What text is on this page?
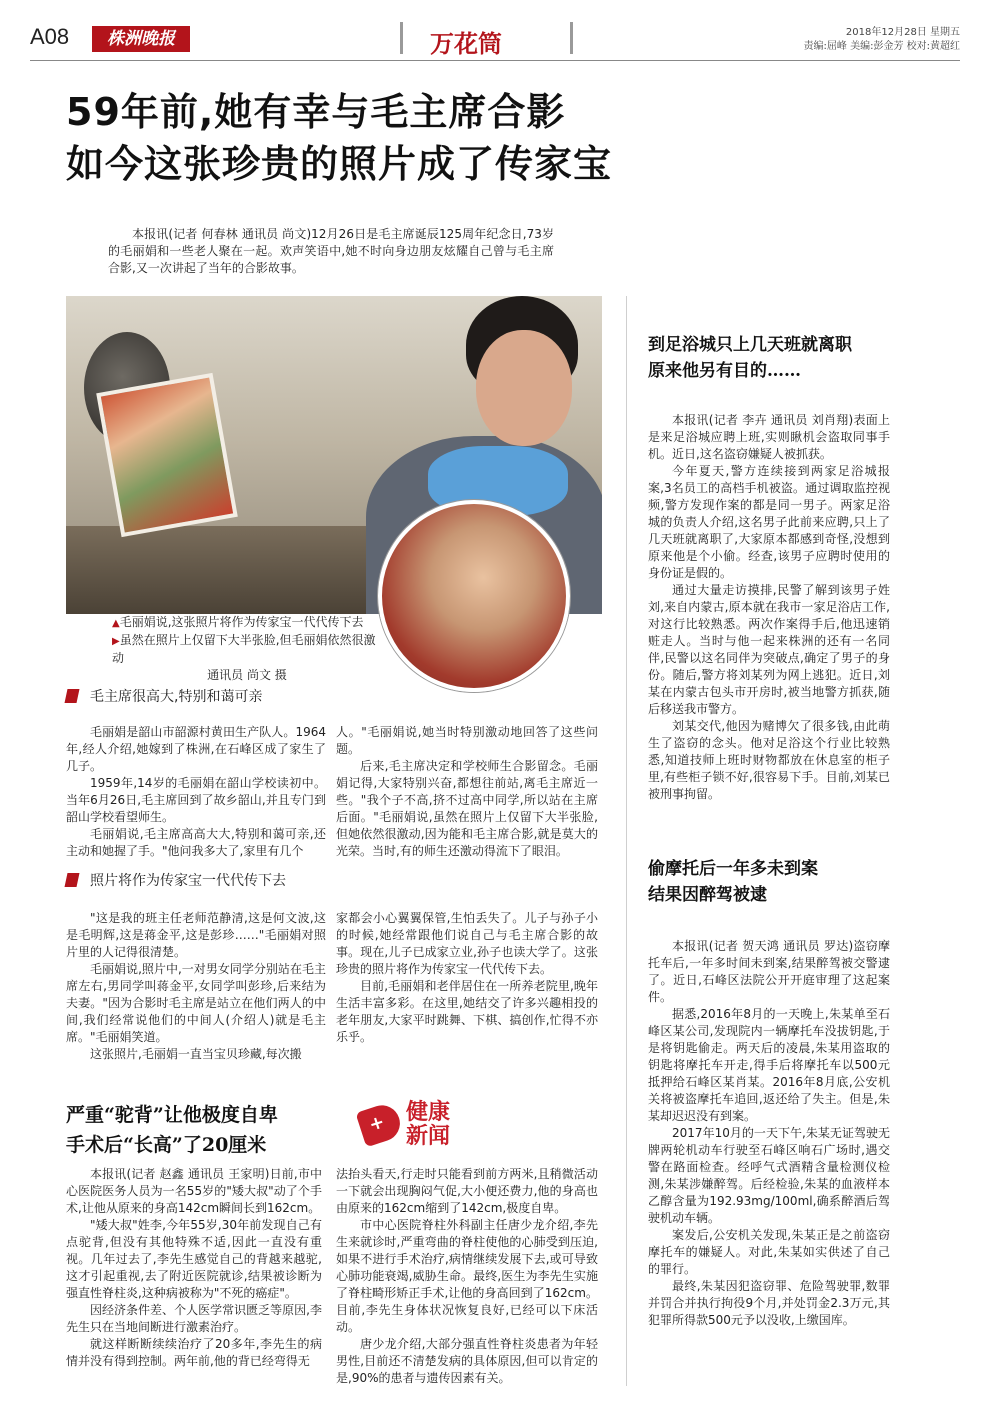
A08	株洲晚报	万花筒	2018年12月28日 星期五
责编:屈峰 美编:彭金芳 校对:黄超红
59年前,她有幸与毛主席合影
如今这张珍贵的照片成了传家宝

本报讯(记者 何春林 通讯员 尚文)12月26日是毛主席诞辰125周年纪念日,73岁的毛丽娟和一些老人聚在一起。欢声笑语中,她不时向身边朋友炫耀自己曾与毛主席合影,又一次讲起了当年的合影故事。

▲毛丽娟说,这张照片将作为传家宝一代代传下去
▶虽然在照片上仅留下大半张脸,但毛丽娟依然很激动
通讯员 尚文 摄
毛主席很高大,特别和蔼可亲

毛丽娟是韶山市韶源村黄田生产队人。1964年,经人介绍,她嫁到了株洲,在石峰区成了家生了几子。

1959年,14岁的毛丽娟在韶山学校读初中。当年6月26日,毛主席回到了故乡韶山,并且专门到韶山学校看望师生。

毛丽娟说,毛主席高高大大,特别和蔼可亲,还主动和她握了手。"他问我多大了,家里有几个

人。"毛丽娟说,她当时特别激动地回答了这些问题。

后来,毛主席决定和学校师生合影留念。毛丽娟记得,大家特别兴奋,都想往前站,离毛主席近一些。"我个子不高,挤不过高中同学,所以站在主席后面。"毛丽娟说,虽然在照片上仅留下大半张脸,但她依然很激动,因为能和毛主席合影,就是莫大的光荣。当时,有的师生还激动得流下了眼泪。

照片将作为传家宝一代代传下去

"这是我的班主任老师范静清,这是何文波,这是毛明辉,这是蒋金平,这是彭珍……"毛丽娟对照片里的人记得很清楚。

毛丽娟说,照片中,一对男女同学分别站在毛主席左右,男同学叫蒋金平,女同学叫彭珍,后来结为夫妻。"因为合影时毛主席是站立在他们两人的中间,我们经常说他们的中间人(介绍人)就是毛主席。"毛丽娟笑道。

这张照片,毛丽娟一直当宝贝珍藏,每次搬

家都会小心翼翼保管,生怕丢失了。儿子与孙子小的时候,她经常跟他们说自己与毛主席合影的故事。现在,儿子已成家立业,孙子也读大学了。这张珍贵的照片将作为传家宝一代代传下去。

目前,毛丽娟和老伴居住在一所养老院里,晚年生活丰富多彩。在这里,她结交了许多兴趣相投的老年朋友,大家平时跳舞、下棋、搞创作,忙得不亦乐乎。

到足浴城只上几天班就离职
原来他另有目的……

本报讯(记者 李卉 通讯员 刘肖翔)表面上是来足浴城应聘上班,实则瞅机会盗取同事手机。近日,这名盗窃嫌疑人被抓获。

今年夏天,警方连续接到两家足浴城报案,3名员工的高档手机被盗。通过调取监控视频,警方发现作案的都是同一男子。两家足浴城的负责人介绍,这名男子此前来应聘,只上了几天班就离职了,大家原本都感到奇怪,没想到原来他是个小偷。经查,该男子应聘时使用的身份证是假的。

通过大量走访摸排,民警了解到该男子姓刘,来自内蒙古,原本就在我市一家足浴店工作,对这行比较熟悉。两次作案得手后,他迅速销赃走人。当时与他一起来株洲的还有一名同伴,民警以这名同伴为突破点,确定了男子的身份。随后,警方将刘某列为网上逃犯。近日,刘某在内蒙古包头市开房时,被当地警方抓获,随后移送我市警方。

刘某交代,他因为赌博欠了很多钱,由此萌生了盗窃的念头。他对足浴这个行业比较熟悉,知道技师上班时财物都放在休息室的柜子里,有些柜子锁不好,很容易下手。目前,刘某已被刑事拘留。

偷摩托后一年多未到案
结果因醉驾被逮

本报讯(记者 贺天鸿 通讯员 罗达)盗窃摩托车后,一年多时间未到案,结果醉驾被交警逮了。近日,石峰区法院公开开庭审理了这起案件。

据悉,2016年8月的一天晚上,朱某单至石峰区某公司,发现院内一辆摩托车没拔钥匙,于是将钥匙偷走。两天后的凌晨,朱某用盗取的钥匙将摩托车开走,得手后将摩托车以500元抵押给石峰区某肖某。2016年8月底,公安机关将被盗摩托车追回,返还给了失主。但是,朱某却迟迟没有到案。

2017年10月的一天下午,朱某无证驾驶无牌两轮机动车行驶至石峰区响石广场时,遇交警在路面检查。经呼气式酒精含量检测仪检测,朱某涉嫌醉驾。后经检验,朱某的血液样本乙醇含量为192.93mg/100ml,确系醉酒后驾驶机动车辆。

案发后,公安机关发现,朱某正是之前盗窃摩托车的嫌疑人。对此,朱某如实供述了自己的罪行。

最终,朱某因犯盗窃罪、危险驾驶罪,数罪并罚合并执行拘役9个月,并处罚金2.3万元,其犯罪所得款500元予以没收,上缴国库。

严重“驼背”让他极度自卑
手术后“长高”了20厘米
+ 健康
新闻

本报讯(记者 赵鑫 通讯员 王家明)日前,市中心医院医务人员为一名55岁的"矮大叔"动了个手术,让他从原来的身高142cm瞬间长到162cm。

"矮大叔"姓李,今年55岁,30年前发现自己有点驼背,但没有其他特殊不适,因此一直没有重视。几年过去了,李先生感觉自己的背越来越驼,这才引起重视,去了附近医院就诊,结果被诊断为强直性脊柱炎,这种病被称为"不死的癌症"。

因经济条件差、个人医学常识匮乏等原因,李先生只在当地间断进行激素治疗。

就这样断断续续治疗了20多年,李先生的病情并没有得到控制。两年前,他的背已经弯得无

法抬头看天,行走时只能看到前方两米,且稍微活动一下就会出现胸闷气促,大小便还费力,他的身高也由原来的162cm缩到了142cm,极度自卑。

市中心医院脊柱外科副主任唐少龙介绍,李先生来就诊时,严重弯曲的脊柱使他的心肺受到压迫,如果不进行手术治疗,病情继续发展下去,或可导致心肺功能衰竭,威胁生命。最终,医生为李先生实施了脊柱畸形矫正手术,让他的身高回到了162cm。目前,李先生身体状况恢复良好,已经可以下床活动。

唐少龙介绍,大部分强直性脊柱炎患者为年轻男性,目前还不清楚发病的具体原因,但可以肯定的是,90%的患者与遗传因素有关。
